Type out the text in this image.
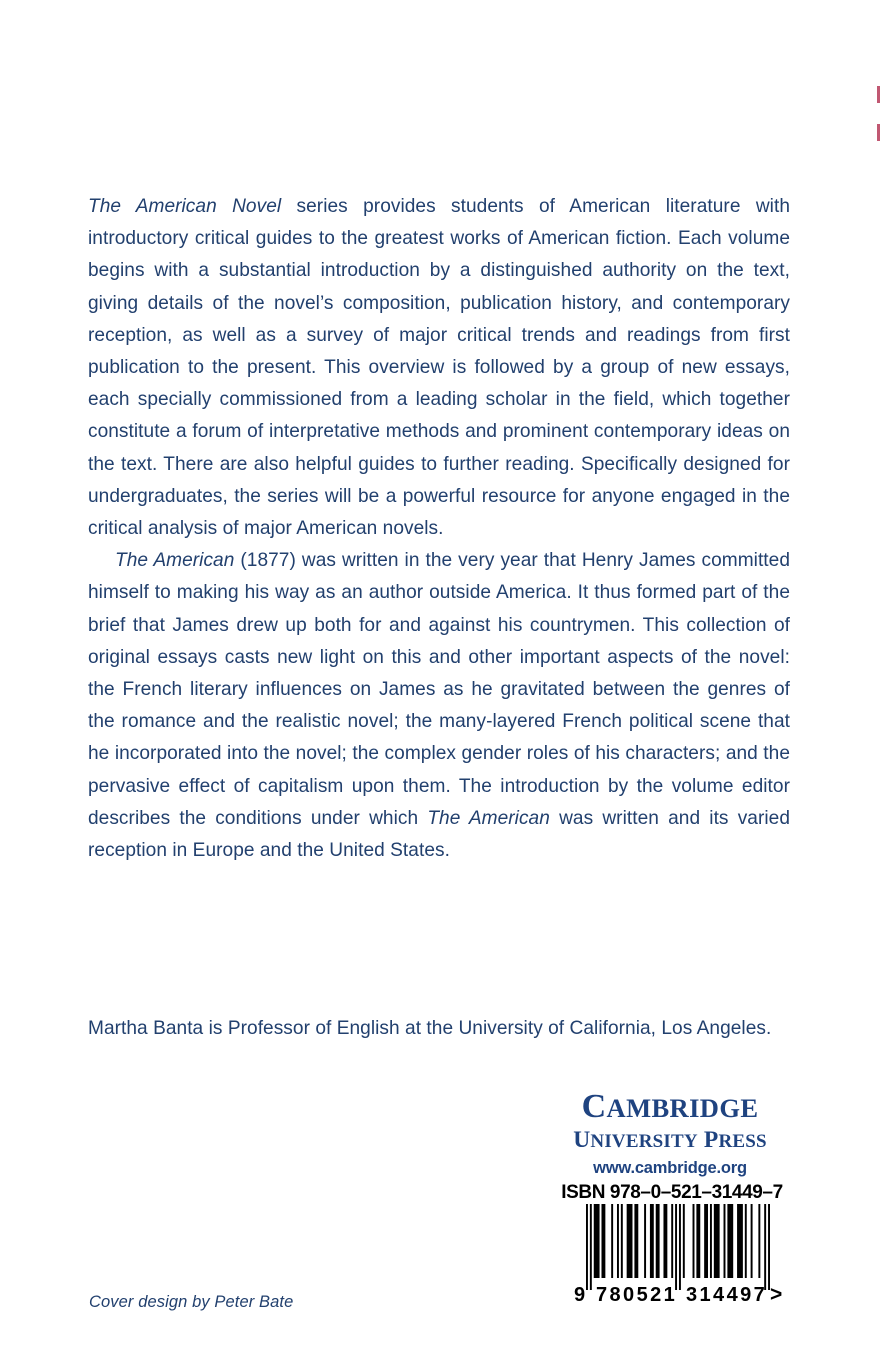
The American Novel series provides students of American literature with introductory critical guides to the greatest works of American fiction. Each volume begins with a substantial introduction by a distinguished authority on the text, giving details of the novel’s composition, publication history, and contemporary reception, as well as a survey of major critical trends and readings from first publication to the present. This overview is followed by a group of new essays, each specially commissioned from a leading scholar in the field, which together constitute a forum of interpretative methods and prominent contemporary ideas on the text. There are also helpful guides to further reading. Specifically designed for undergraduates, the series will be a powerful resource for anyone engaged in the critical analysis of major American novels.

The American (1877) was written in the very year that Henry James committed himself to making his way as an author outside America. It thus formed part of the brief that James drew up both for and against his countrymen. This collection of original essays casts new light on this and other important aspects of the novel: the French literary influences on James as he gravitated between the genres of the romance and the realistic novel; the many-layered French political scene that he incorporated into the novel; the complex gender roles of his characters; and the pervasive effect of capitalism upon them. The introduction by the volume editor describes the conditions under which The American was written and its varied reception in Europe and the United States.

Martha Banta is Professor of English at the University of California, Los Angeles.

CAMBRIDGE
UNIVERSITY PRESS
www.cambridge.org
ISBN 978–0–521–31449–7
9 780521 314497 >
Cover design by Peter Bate
